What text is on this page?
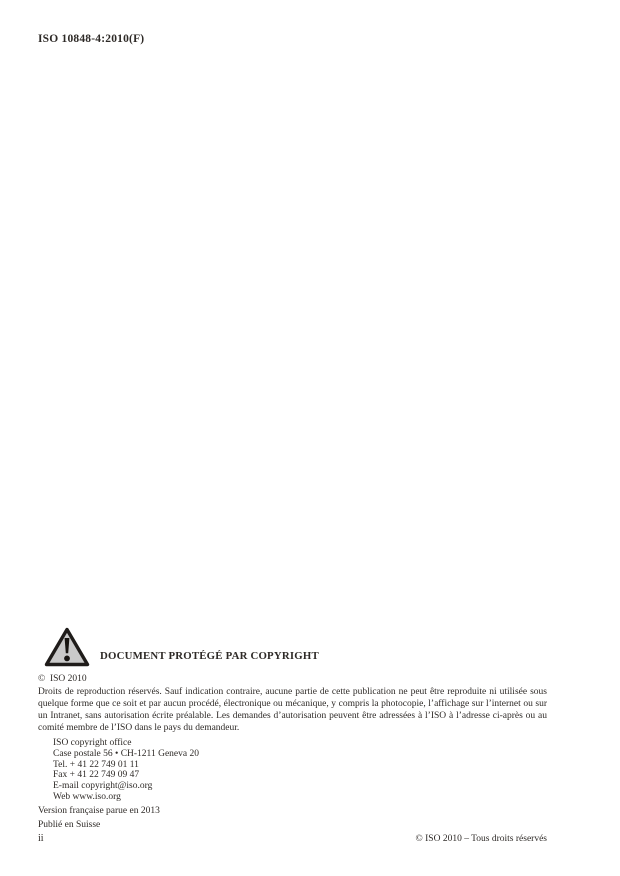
ISO 10848-4:2010(F)
DOCUMENT PROTÉGÉ PAR COPYRIGHT
©  ISO 2010
Droits de reproduction réservés. Sauf indication contraire, aucune partie de cette publication ne peut être reproduite ni utilisée sous quelque forme que ce soit et par aucun procédé, électronique ou mécanique, y compris la photocopie, l’affichage sur l’internet ou sur un Intranet, sans autorisation écrite préalable. Les demandes d’autorisation peuvent être adressées à l’ISO à l’adresse ci-après ou au comité membre de l’ISO dans le pays du demandeur.
ISO copyright office
Case postale 56 • CH-1211 Geneva 20
Tel. + 41 22 749 01 11
Fax + 41 22 749 09 47
E-mail copyright@iso.org
Web www.iso.org
Version française parue en 2013
Publié en Suisse
ii	© ISO 2010 – Tous droits réservés
